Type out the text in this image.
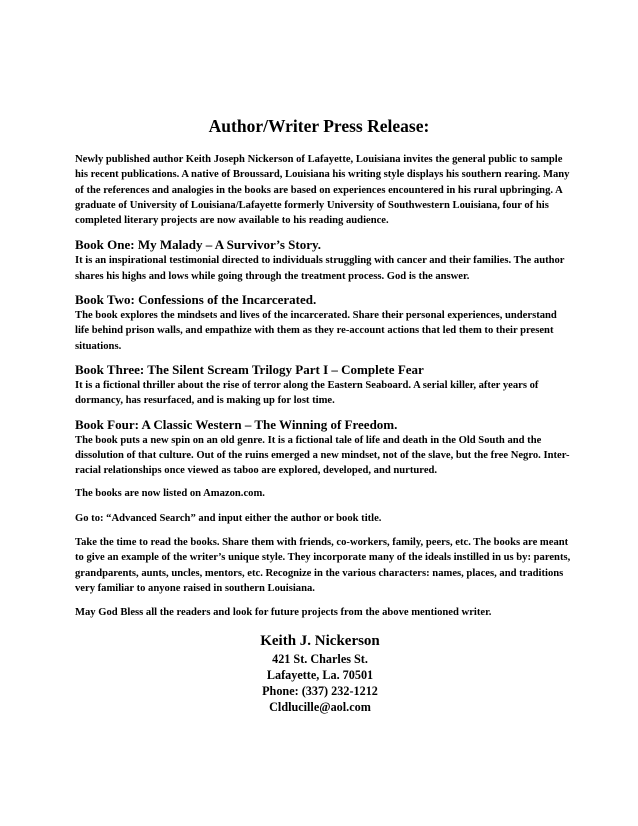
Author/Writer Press Release:

Newly published author Keith Joseph Nickerson of Lafayette, Louisiana invites the general public to sample his recent publications. A native of Broussard, Louisiana his writing style displays his southern rearing. Many of the references and analogies in the books are based on experiences encountered in his rural upbringing. A graduate of University of Louisiana/Lafayette formerly University of Southwestern Louisiana, four of his completed literary projects are now available to his reading audience.

Book One: My Malady – A Survivor’s Story.

It is an inspirational testimonial directed to individuals struggling with cancer and their families. The author shares his highs and lows while going through the treatment process. God is the answer.

Book Two: Confessions of the Incarcerated.

The book explores the mindsets and lives of the incarcerated. Share their personal experiences, understand life behind prison walls, and empathize with them as they re-account actions that led them to their present situations.

Book Three: The Silent Scream Trilogy Part I – Complete Fear

It is a fictional thriller about the rise of terror along the Eastern Seaboard. A serial killer, after years of dormancy, has resurfaced, and is making up for lost time.

Book Four: A Classic Western – The Winning of Freedom.

The book puts a new spin on an old genre. It is a fictional tale of life and death in the Old South and the dissolution of that culture. Out of the ruins emerged a new mindset, not of the slave, but the free Negro. Inter-racial relationships once viewed as taboo are explored, developed, and nurtured.

The books are now listed on Amazon.com.

Go to: “Advanced Search” and input either the author or book title.

Take the time to read the books. Share them with friends, co-workers, family, peers, etc. The books are meant to give an example of the writer’s unique style. They incorporate many of the ideals instilled in us by: parents, grandparents, aunts, uncles, mentors, etc. Recognize in the various characters: names, places, and traditions very familiar to anyone raised in southern Louisiana.

May God Bless all the readers and look for future projects from the above mentioned writer.

Keith J. Nickerson
421 St. Charles St.
Lafayette, La. 70501
Phone: (337) 232-1212
Cldlucille@aol.com
